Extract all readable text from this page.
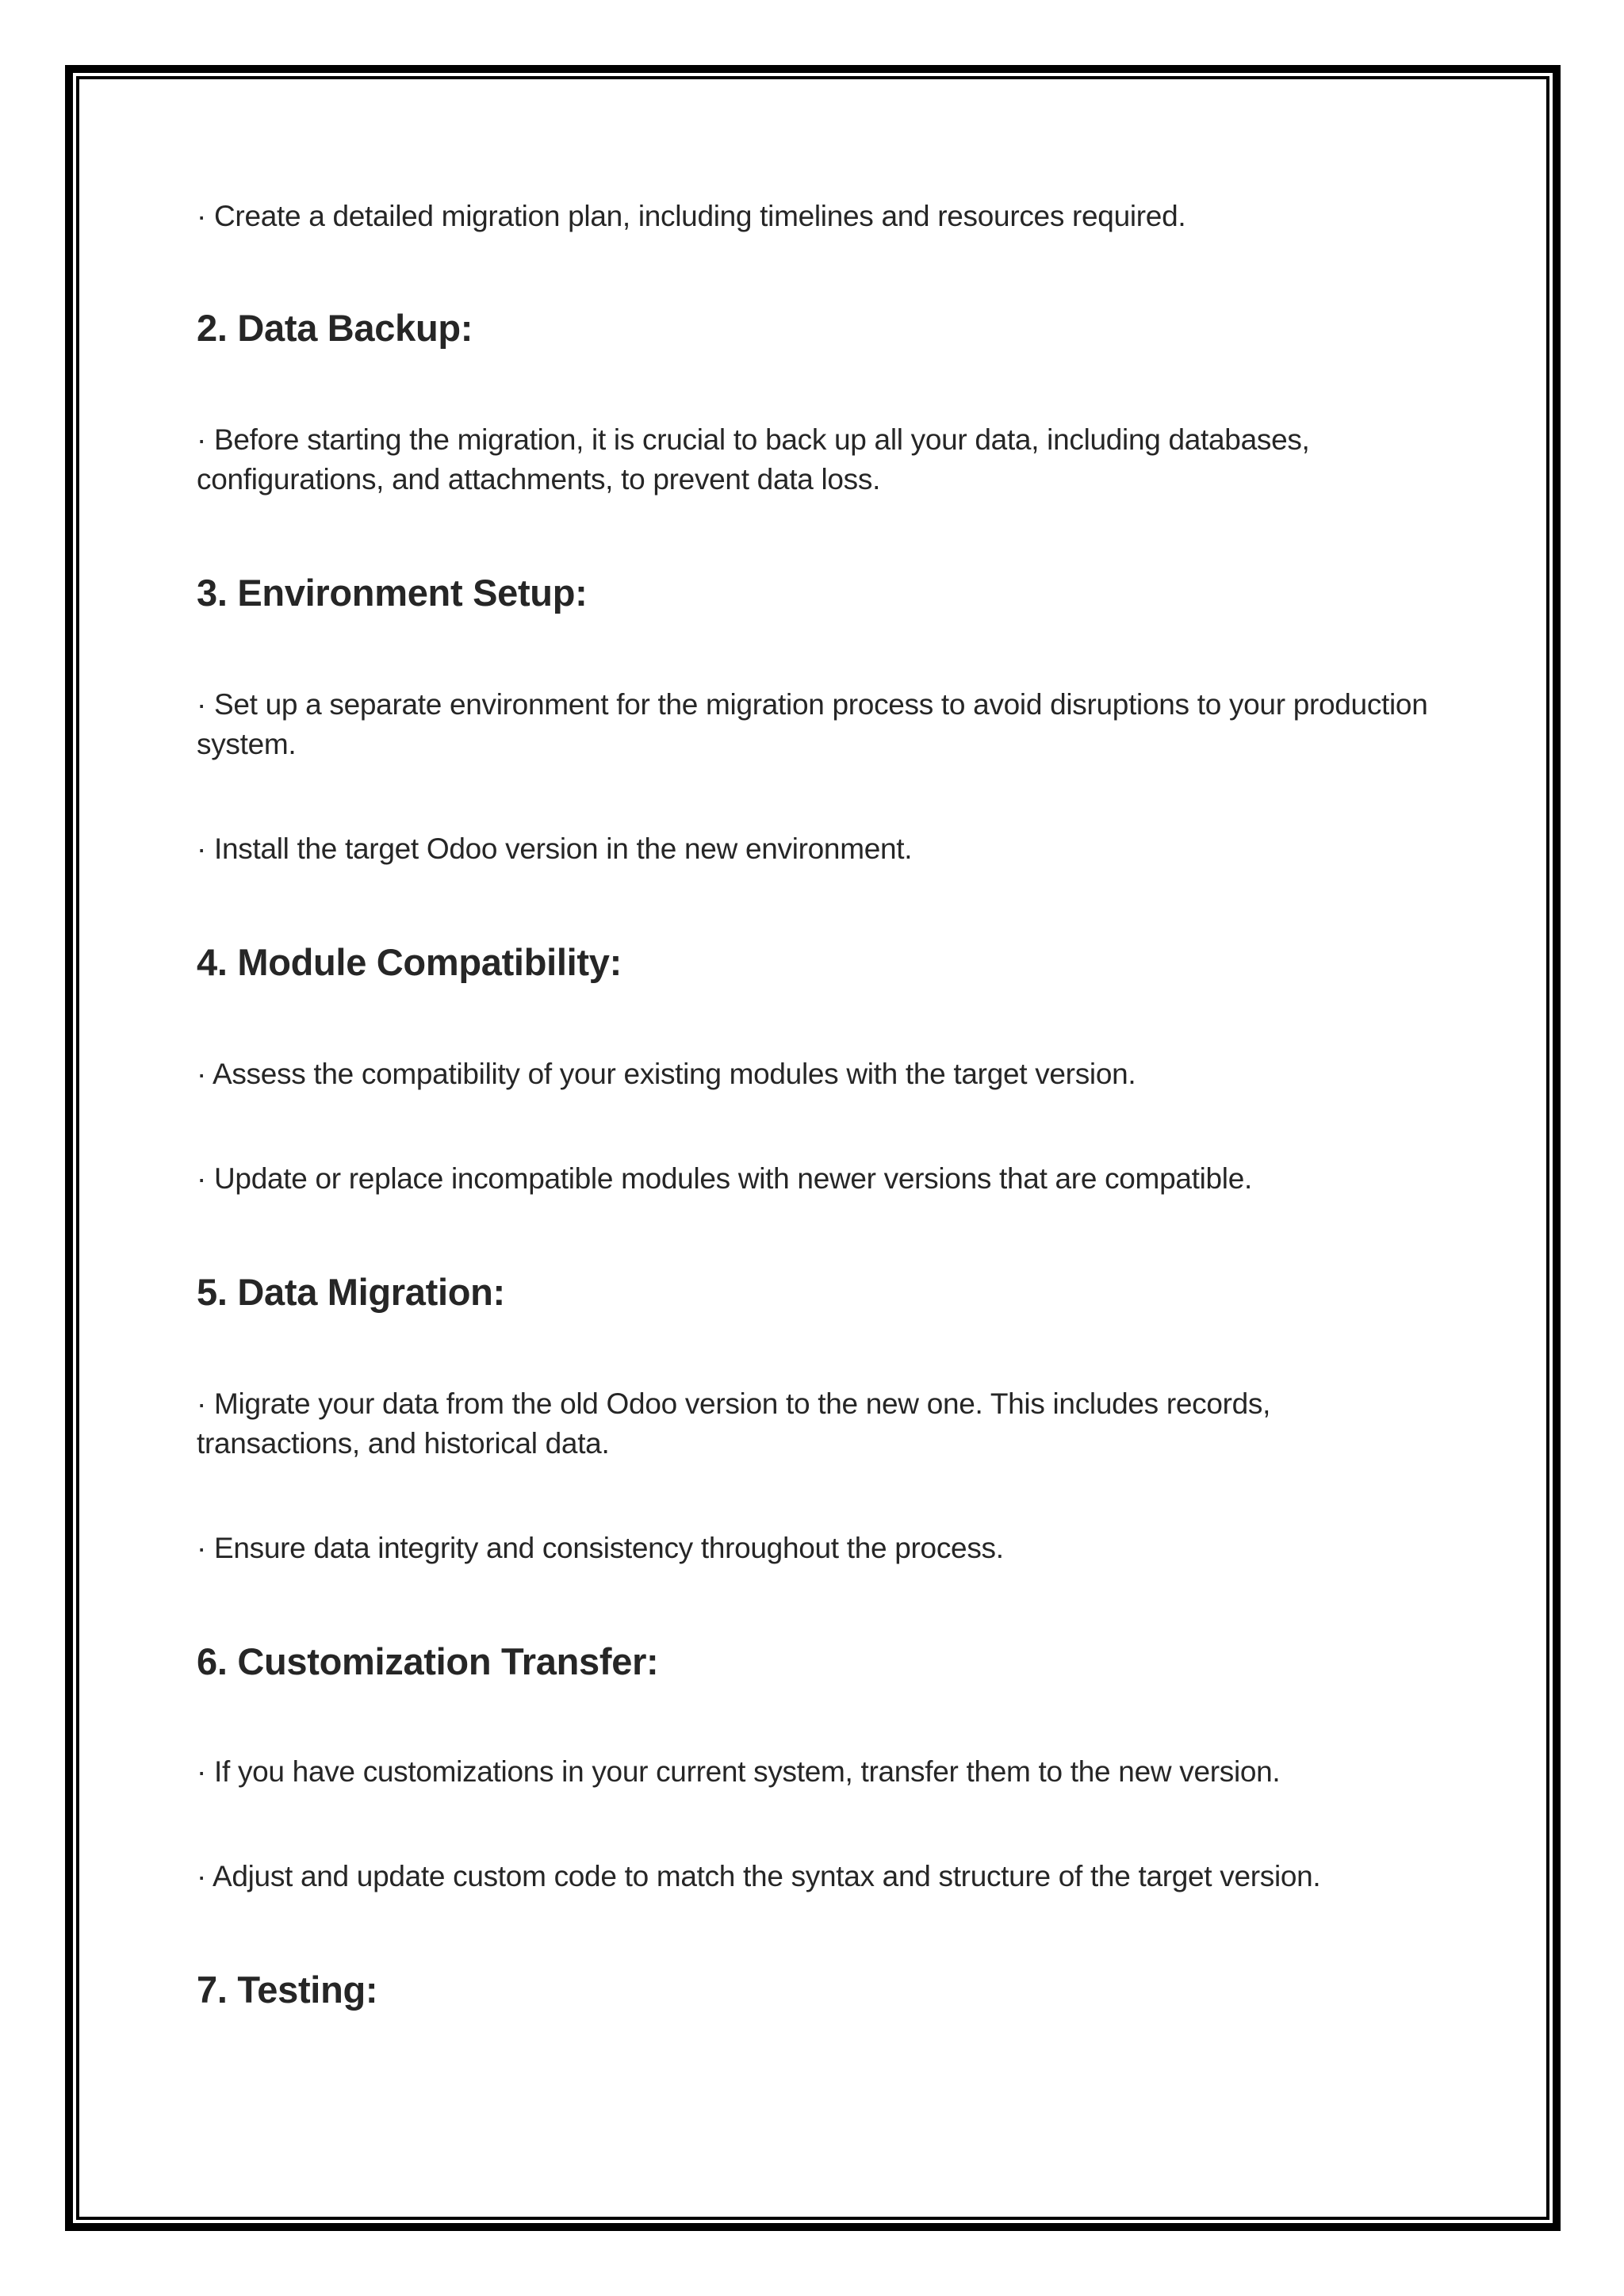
· Create a detailed migration plan, including timelines and resources required.

2. Data Backup:

· Before starting the migration, it is crucial to back up all your data, including databases, configurations, and attachments, to prevent data loss.

3. Environment Setup:

· Set up a separate environment for the migration process to avoid disruptions to your production system.

· Install the target Odoo version in the new environment.

4. Module Compatibility:

· Assess the compatibility of your existing modules with the target version.

· Update or replace incompatible modules with newer versions that are compatible.

5. Data Migration:

· Migrate your data from the old Odoo version to the new one. This includes records, transactions, and historical data.

· Ensure data integrity and consistency throughout the process.

6. Customization Transfer:

· If you have customizations in your current system, transfer them to the new version.

· Adjust and update custom code to match the syntax and structure of the target version.

7. Testing:
